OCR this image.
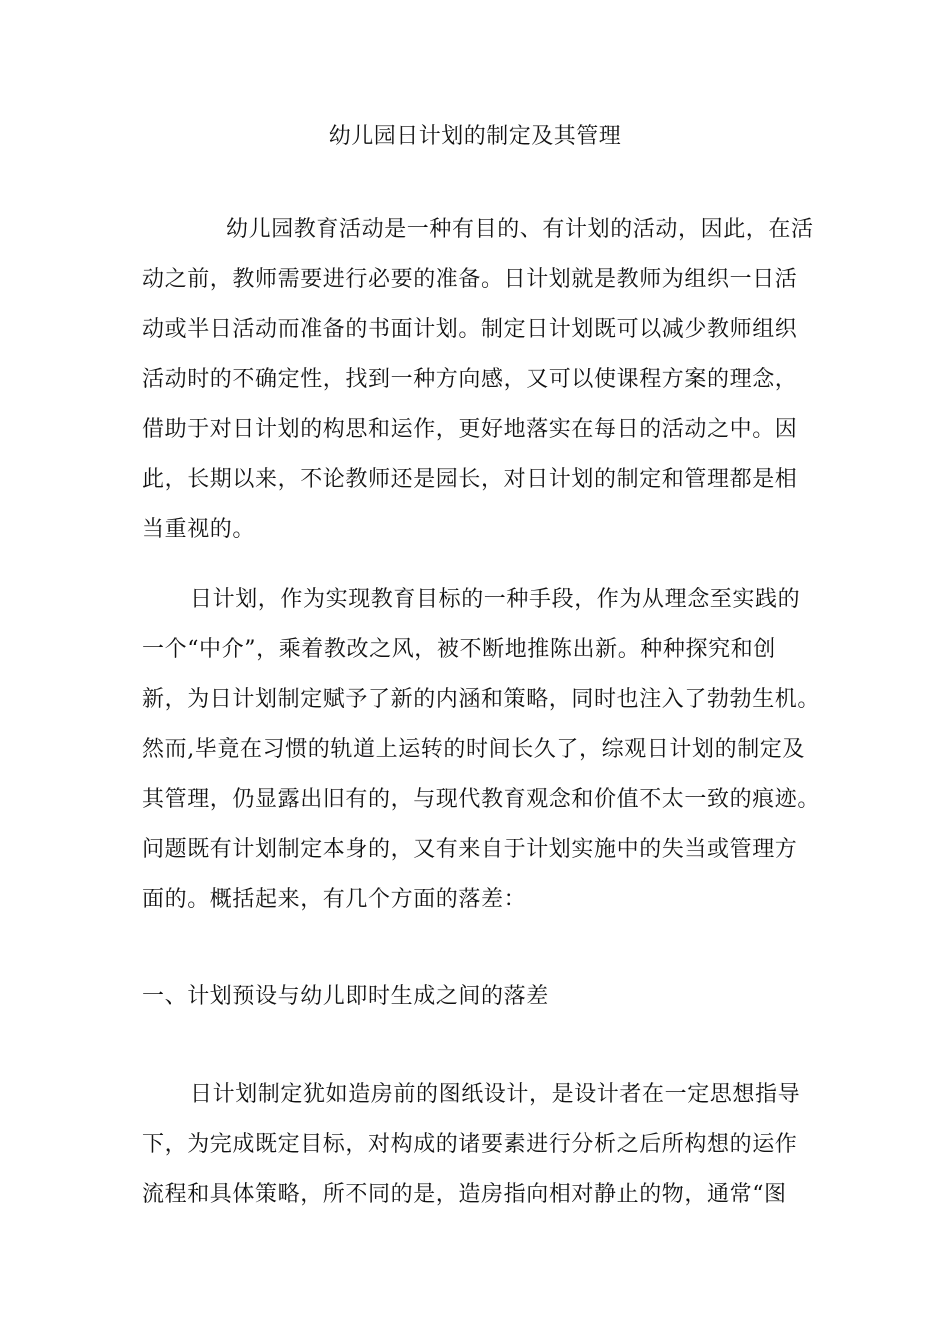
幼儿园日计划的制定及其管理
幼儿园教育活动是一种有目的、有计划的活动，因此，在活
动之前，教师需要进行必要的准备。日计划就是教师为组织一日活
动或半日活动而准备的书面计划。制定日计划既可以减少教师组织
活动时的不确定性，找到一种方向感，又可以使课程方案的理念，
借助于对日计划的构思和运作，更好地落实在每日的活动之中。因
此，长期以来，不论教师还是园长，对日计划的制定和管理都是相
当重视的。
日计划，作为实现教育目标的一种手段，作为从理念至实践的
一个“中介”，乘着教改之风，被不断地推陈出新。种种探究和创
新，为日计划制定赋予了新的内涵和策略，同时也注入了勃勃生机。
然而,毕竟在习惯的轨道上运转的时间长久了，综观日计划的制定及
其管理，仍显露出旧有的，与现代教育观念和价值不太一致的痕迹。
问题既有计划制定本身的，又有来自于计划实施中的失当或管理方
面的。概括起来，有几个方面的落差：
一、计划预设与幼儿即时生成之间的落差
日计划制定犹如造房前的图纸设计，是设计者在一定思想指导
下，为完成既定目标，对构成的诸要素进行分析之后所构想的运作
流程和具体策略，所不同的是，造房指向相对静止的物，通常“图
